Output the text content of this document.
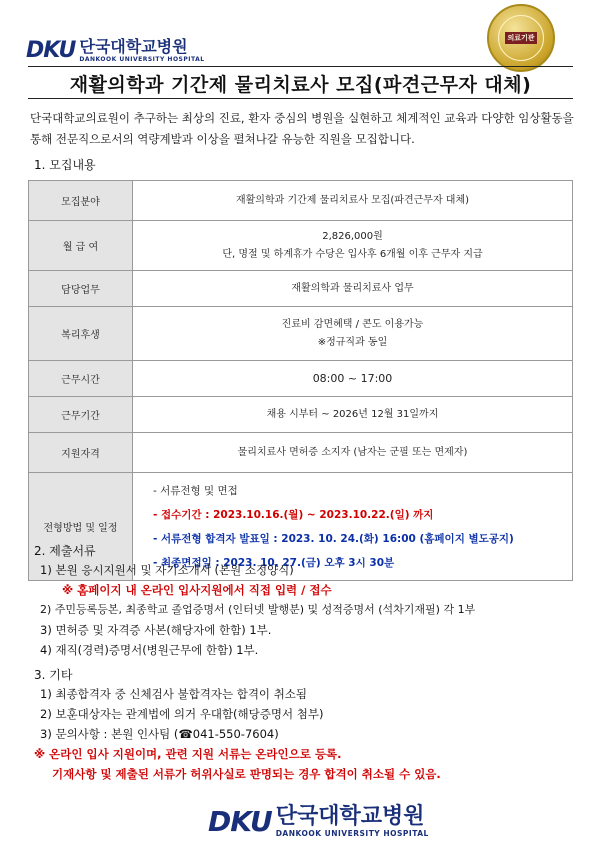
DKU 단국대학교병원
DANKOOK UNIVERSITY HOSPITAL
의료기관
재활의학과 기간제 물리치료사 모집(파견근무자 대체)
단국대학교의료원이 추구하는 최상의 진료, 환자 중심의 병원을 실현하고 체계적인 교육과 다양한 임상활동을 통해 전문직으로서의 역량계발과 이상을 펼쳐나갈 유능한 직원을 모집합니다.
1. 모집내용
모집분야	재활의학과 기간제 물리치료사 모집(파견근무자 대체)

월 급 여	2,826,000원
단, 명절 및 하계휴가 수당은 입사후 6개월 이후 근무자 지급

담당업무	재활의학과 물리치료사 업무

복리후생	진료비 감면혜택 / 콘도 이용가능
※정규직과 동일

근무시간	08:00 ~ 17:00

근무기간	채용 시부터 ~ 2026년 12월 31일까지

지원자격	물리치료사 면허증 소지자 (남자는 군필 또는 면제자)

전형방법 및 일정	- 서류전형 및 면접
- 접수기간 : 2023.10.16.(월) ~ 2023.10.22.(일) 까지
- 서류전형 합격자 발표일 : 2023. 10. 24.(화) 16:00 (홈페이지 별도공지)
- 최종면접일 : 2023. 10. 27.(금) 오후 3시 30분
2. 제출서류
1) 본원 응시지원서 및 자기소개서 (본원 소정양식)
※ 홈페이지 내 온라인 입사지원에서 직접 입력 / 접수
2) 주민등록등본, 최종학교 졸업증명서 (인터넷 발행분) 및 성적증명서 (석차기재필) 각 1부
3) 면허증 및 자격증 사본(해당자에 한함) 1부.
4) 재직(경력)증명서(병원근무에 한함) 1부.
3. 기타
1) 최종합격자 중 신체검사 불합격자는 합격이 취소됨
2) 보훈대상자는 관계법에 의거 우대함(해당증명서 첨부)
3) 문의사항 : 본원 인사팀 (☎041-550-7604)
※ 온라인 입사 지원이며, 관련 지원 서류는 온라인으로 등록.
기재사항 및 제출된 서류가 허위사실로 판명되는 경우 합격이 취소될 수 있음.
DKU 단국대학교병원
DANKOOK UNIVERSITY HOSPITAL
